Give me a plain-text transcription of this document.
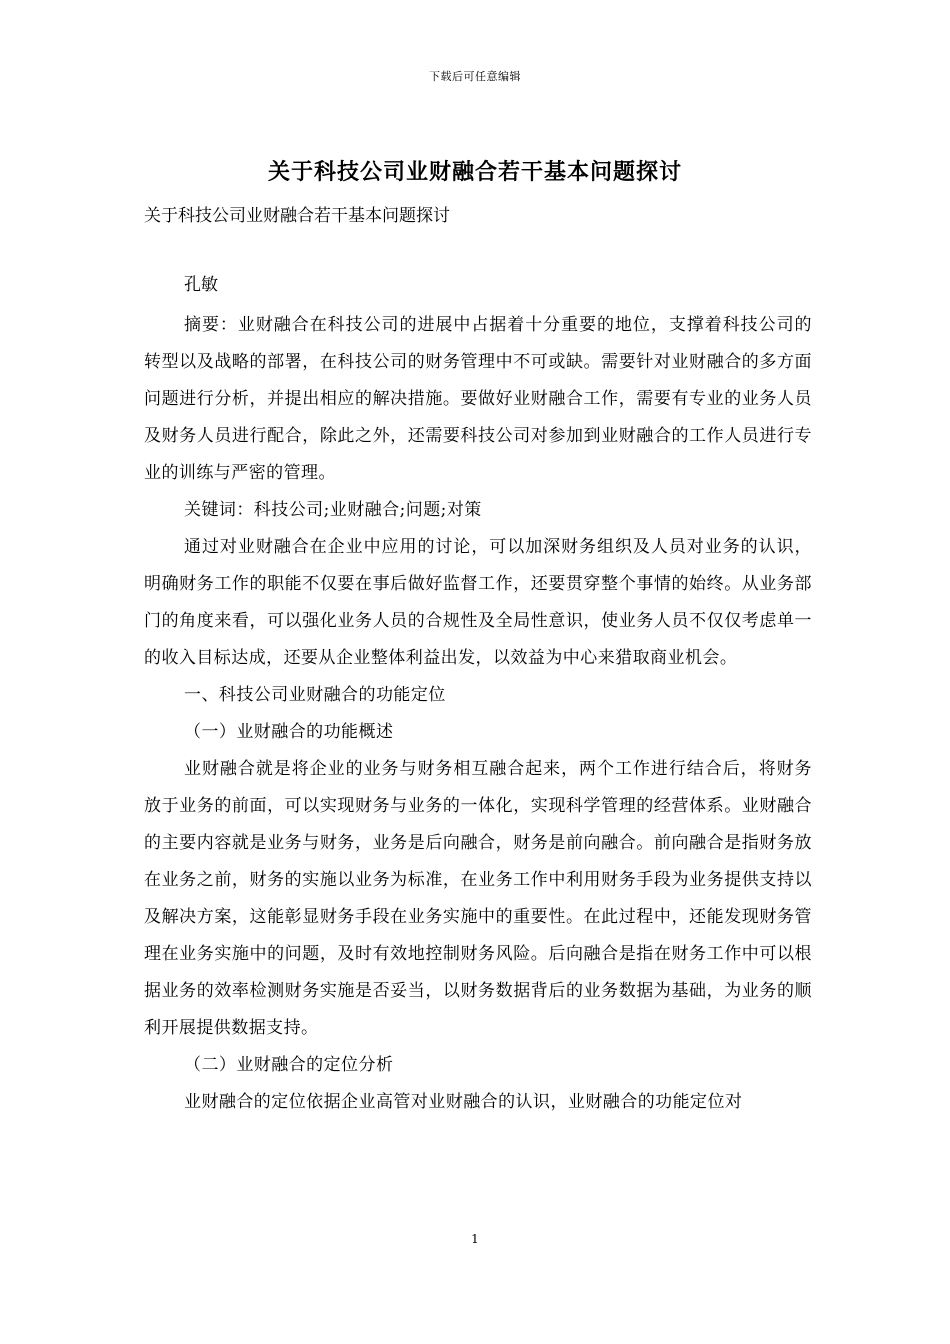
下载后可任意编辑
关于科技公司业财融合若干基本问题探讨
关于科技公司业财融合若干基本问题探讨
孔敏

摘要：业财融合在科技公司的进展中占据着十分重要的地位，支撑着科技公司的转型以及战略的部署，在科技公司的财务管理中不可或缺。需要针对业财融合的多方面问题进行分析，并提出相应的解决措施。要做好业财融合工作，需要有专业的业务人员及财务人员进行配合，除此之外，还需要科技公司对参加到业财融合的工作人员进行专业的训练与严密的管理。

关键词：科技公司;业财融合;问题;对策

通过对业财融合在企业中应用的讨论，可以加深财务组织及人员对业务的认识，明确财务工作的职能不仅要在事后做好监督工作，还要贯穿整个事情的始终。从业务部门的角度来看，可以强化业务人员的合规性及全局性意识，使业务人员不仅仅考虑单一的收入目标达成，还要从企业整体利益出发，以效益为中心来猎取商业机会。

一、科技公司业财融合的功能定位

（一）业财融合的功能概述

业财融合就是将企业的业务与财务相互融合起来，两个工作进行结合后，将财务放于业务的前面，可以实现财务与业务的一体化，实现科学管理的经营体系。业财融合的主要内容就是业务与财务，业务是后向融合，财务是前向融合。前向融合是指财务放在业务之前，财务的实施以业务为标准，在业务工作中利用财务手段为业务提供支持以及解决方案，这能彰显财务手段在业务实施中的重要性。在此过程中，还能发现财务管理在业务实施中的问题，及时有效地控制财务风险。后向融合是指在财务工作中可以根据业务的效率检测财务实施是否妥当，以财务数据背后的业务数据为基础，为业务的顺利开展提供数据支持。

（二）业财融合的定位分析

业财融合的定位依据企业高管对业财融合的认识，业财融合的功能定位对

1
